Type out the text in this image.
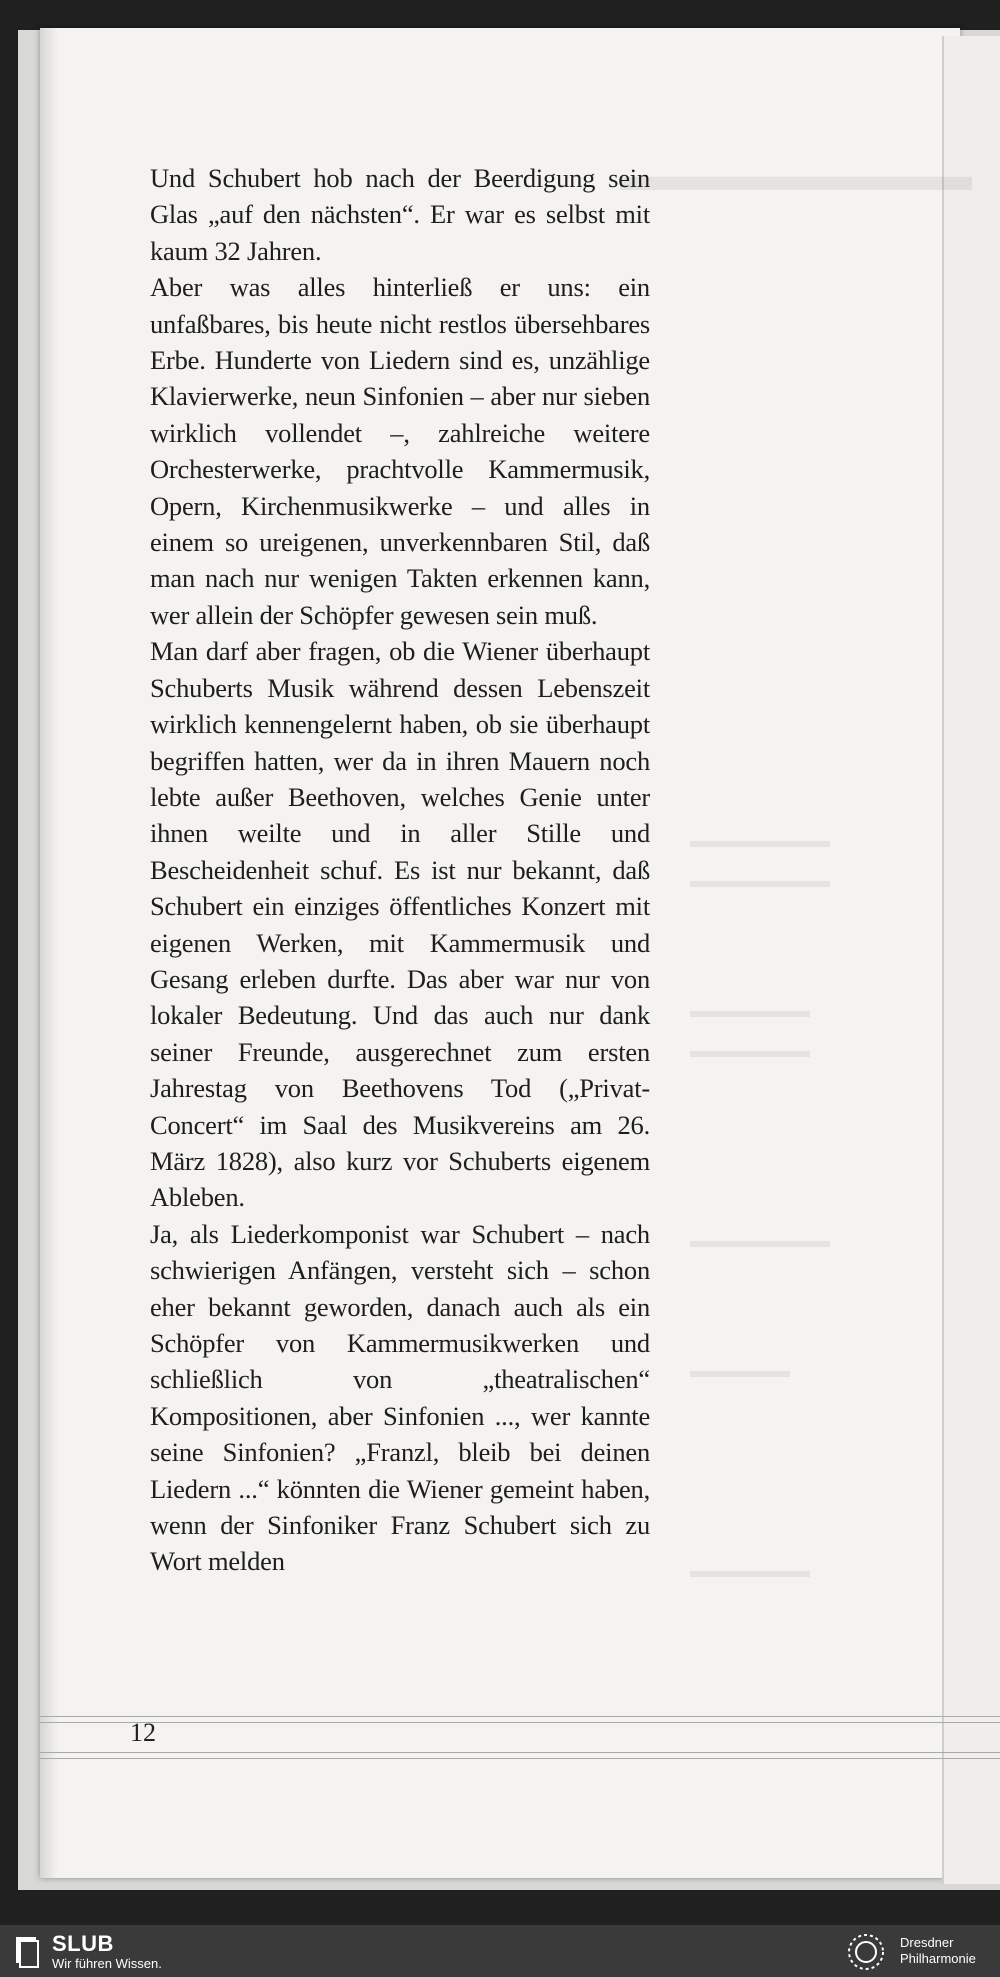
▬▬▬▬▬▬▬▬
▬▬▬▬▬▬▬
▬▬▬▬▬▬▬
▬▬▬▬▬▬
▬▬▬▬▬▬
▬▬▬▬▬▬▬
▬▬▬▬▬
▬▬▬▬▬▬

Und Schubert hob nach der Beerdigung sein Glas „auf den nächsten“. Er war es selbst mit kaum 32 Jahren.

Aber was alles hinterließ er uns: ein unfaßbares, bis heute nicht restlos übersehbares Erbe. Hunderte von Liedern sind es, unzählige Klavierwerke, neun Sinfonien – aber nur sieben wirklich vollendet –, zahlreiche weitere Orchesterwerke, prachtvolle Kammermusik, Opern, Kirchenmusikwerke – und alles in einem so ureigenen, unverkennbaren Stil, daß man nach nur wenigen Takten erkennen kann, wer allein der Schöpfer gewesen sein muß.

Man darf aber fragen, ob die Wiener überhaupt Schuberts Musik während dessen Lebenszeit wirklich kennengelernt haben, ob sie überhaupt begriffen hatten, wer da in ihren Mauern noch lebte außer Beethoven, welches Genie unter ihnen weilte und in aller Stille und Bescheidenheit schuf. Es ist nur bekannt, daß Schubert ein einziges öffentliches Konzert mit eigenen Werken, mit Kammermusik und Gesang erleben durfte. Das aber war nur von lokaler Bedeutung. Und das auch nur dank seiner Freunde, ausgerechnet zum ersten Jahrestag von Beethovens Tod („Privat-Concert“ im Saal des Musikvereins am 26. März 1828), also kurz vor Schuberts eigenem Ableben.

Ja, als Liederkomponist war Schubert – nach schwierigen Anfängen, versteht sich – schon eher bekannt geworden, danach auch als ein Schöpfer von Kammermusikwerken und schließlich von „theatralischen“ Kompositionen, aber Sinfonien ..., wer kannte seine Sinfonien? „Franzl, bleib bei deinen Liedern ...“ könnten die Wiener gemeint haben, wenn der Sinfoniker Franz Schubert sich zu Wort melden

12
SLUB
Wir führen Wissen.
Dresdner
Philharmonie
